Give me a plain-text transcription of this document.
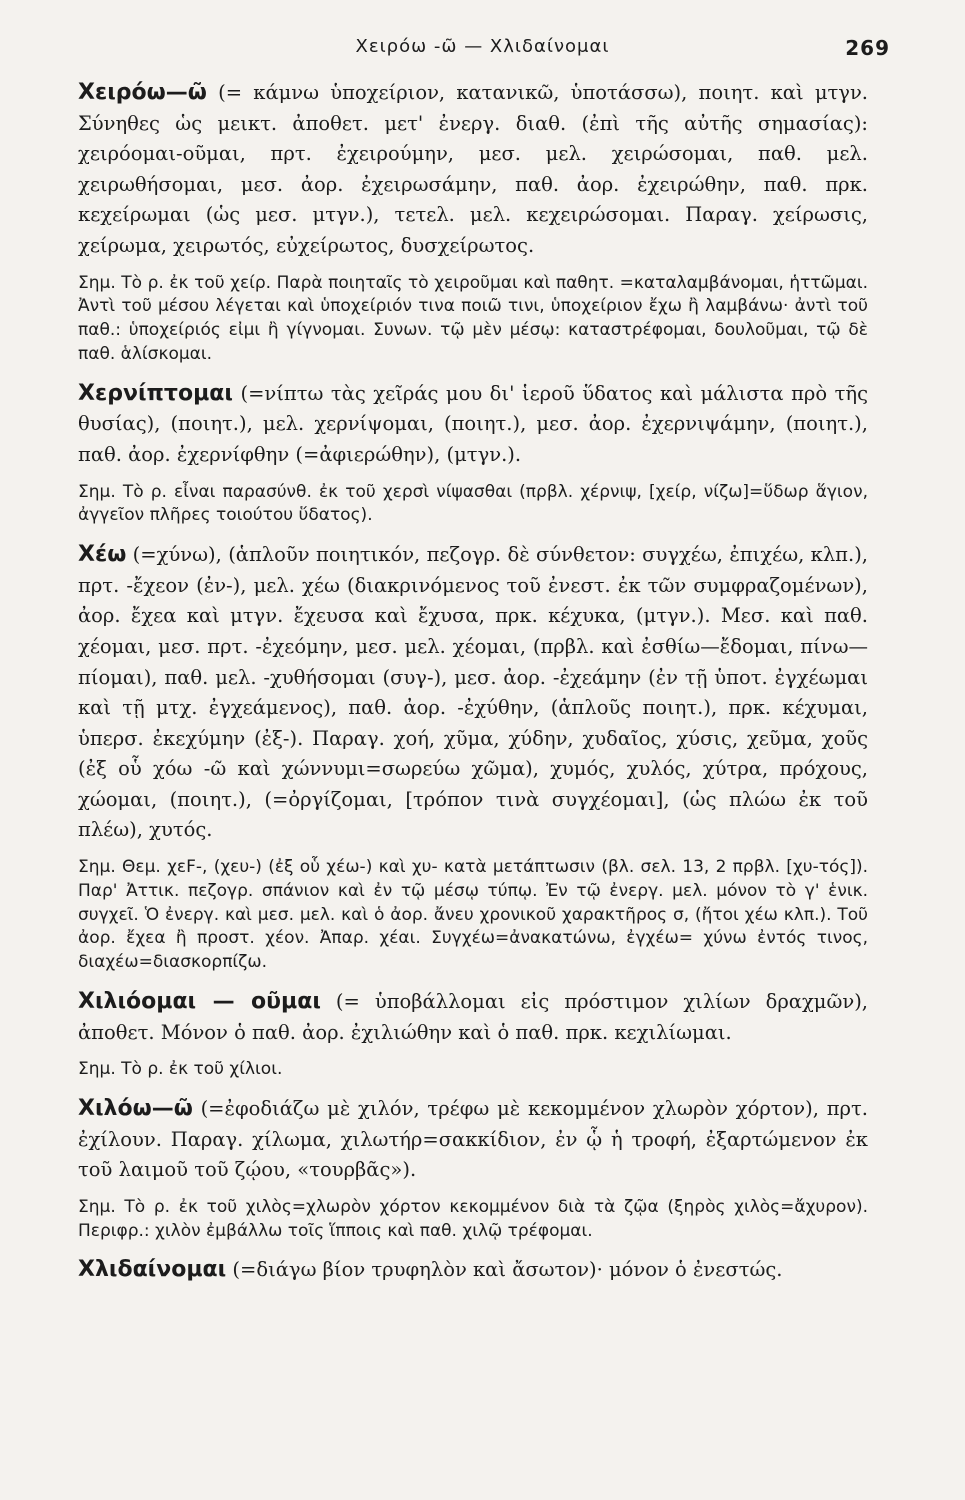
Χειρόω -ῶ — Χλιδαίνομαι	269

Χειρόω—ῶ (= κάμνω ὑποχείριον, κατανικῶ, ὑποτάσσω), ποιητ. καὶ μτγν. Σύνηθες ὡς μεικτ. ἀποθετ. μετ' ἐνεργ. διαθ. (ἐπὶ τῆς αὐτῆς σημασίας): χειρόομαι-οῦμαι, πρτ. ἐχειρούμην, μεσ. μελ. χειρώσομαι, παθ. μελ. χειρωθήσομαι, μεσ. ἀορ. ἐχειρωσάμην, παθ. ἀορ. ἐχειρώθην, παθ. πρκ. κεχείρωμαι (ὡς μεσ. μτγν.), τετελ. μελ. κεχειρώσομαι. Παραγ. χείρωσις, χείρωμα, χειρωτός, εὐχείρωτος, δυσχείρωτος.

Σημ. Τὸ ρ. ἐκ τοῦ χείρ. Παρὰ ποιηταῖς τὸ χειροῦμαι καὶ παθητ. =καταλαμβάνομαι, ἡττῶμαι. Ἀντὶ τοῦ μέσου λέγεται καὶ ὑποχείριόν τινα ποιῶ τινι, ὑποχείριον ἔχω ἢ λαμβάνω· ἀντὶ τοῦ παθ.: ὑποχείριός εἰμι ἢ γίγνομαι. Συνων. τῷ μὲν μέσῳ: καταστρέφομαι, δουλοῦμαι, τῷ δὲ παθ. ἁλίσκομαι.

Χερνίπτομαι (=νίπτω τὰς χεῖράς μου δι' ἱεροῦ ὕδατος καὶ μάλιστα πρὸ τῆς θυσίας), (ποιητ.), μελ. χερνίψομαι, (ποιητ.), μεσ. ἀορ. ἐχερνιψάμην, (ποιητ.), παθ. ἀορ. ἐχερνίφθην (=ἀφιερώθην), (μτγν.).

Σημ. Τὸ ρ. εἶναι παρασύνθ. ἐκ τοῦ χερσὶ νίψασθαι (πρβλ. χέρνιψ, [χείρ, νίζω]=ὕδωρ ἅγιον, ἀγγεῖον πλῆρες τοιούτου ὕδατος).

Χέω (=χύνω), (ἁπλοῦν ποιητικόν, πεζογρ. δὲ σύνθετον: συγχέω, ἐπιχέω, κλπ.), πρτ. -ἔχεον (ἐν-), μελ. χέω (διακρινόμενος τοῦ ἐνεστ. ἐκ τῶν συμφραζομένων), ἀορ. ἔχεα καὶ μτγν. ἔχευσα καὶ ἔχυσα, πρκ. κέχυκα, (μτγν.). Μεσ. καὶ παθ. χέομαι, μεσ. πρτ. -ἐχεόμην, μεσ. μελ. χέομαι, (πρβλ. καὶ ἐσθίω—ἔδομαι, πίνω—πίομαι), παθ. μελ. -χυθήσομαι (συγ-), μεσ. ἀορ. -ἐχεάμην (ἐν τῇ ὑποτ. ἐγχέωμαι καὶ τῇ μτχ. ἐγχεάμενος), παθ. ἀορ. -ἐχύθην, (ἁπλοῦς ποιητ.), πρκ. κέχυμαι, ὑπερσ. ἐκεχύμην (ἐξ-). Παραγ. χοή, χῦμα, χύδην, χυδαῖος, χύσις, χεῦμα, χοῦς (ἐξ οὗ χόω -ῶ καὶ χώννυμι=σωρεύω χῶμα), χυμός, χυλός, χύτρα, πρόχους, χώομαι, (ποιητ.), (=ὀργίζομαι, [τρόπον τινὰ συγχέομαι], (ὡς πλώω ἐκ τοῦ πλέω), χυτός.

Σημ. Θεμ. χεϜ-, (χευ-) (ἐξ οὗ χέω-) καὶ χυ- κατὰ μετάπτωσιν (βλ. σελ. 13, 2 πρβλ. [χυ-τός]). Παρ' Ἀττικ. πεζογρ. σπάνιον καὶ ἐν τῷ μέσῳ τύπῳ. Ἐν τῷ ἐνεργ. μελ. μόνον τὸ γ' ἑνικ. συγχεῖ. Ὁ ἐνεργ. καὶ μεσ. μελ. καὶ ὁ ἀορ. ἄνευ χρονικοῦ χαρακτῆρος σ, (ἤτοι χέω κλπ.). Τοῦ ἀορ. ἔχεα ἢ προστ. χέον. Ἀπαρ. χέαι. Συγχέω=ἀνακατώνω, ἐγχέω= χύνω ἐντός τινος, διαχέω=διασκορπίζω.

Χιλιόομαι — οῦμαι (= ὑποβάλλομαι εἰς πρόστιμον χιλίων δραχμῶν), ἀποθετ. Μόνον ὁ παθ. ἀορ. ἐχιλιώθην καὶ ὁ παθ. πρκ. κεχιλίωμαι.

Σημ. Τὸ ρ. ἐκ τοῦ χίλιοι.

Χιλόω—ῶ (=ἐφοδιάζω μὲ χιλόν, τρέφω μὲ κεκομμένον χλωρὸν χόρτον), πρτ. ἐχίλουν. Παραγ. χίλωμα, χιλωτήρ=σακκίδιον, ἐν ᾧ ἡ τροφή, ἐξαρτώμενον ἐκ τοῦ λαιμοῦ τοῦ ζῴου, «τουρβᾶς»).

Σημ. Τὸ ρ. ἐκ τοῦ χιλὸς=χλωρὸν χόρτον κεκομμένον διὰ τὰ ζῷα (ξηρὸς χιλὸς=ἄχυρον). Περιφρ.: χιλὸν ἐμβάλλω τοῖς ἵπποις καὶ παθ. χιλῷ τρέφομαι.

Χλιδαίνομαι (=διάγω βίον τρυφηλὸν καὶ ἄσωτον)· μόνον ὁ ἐνεστώς.
